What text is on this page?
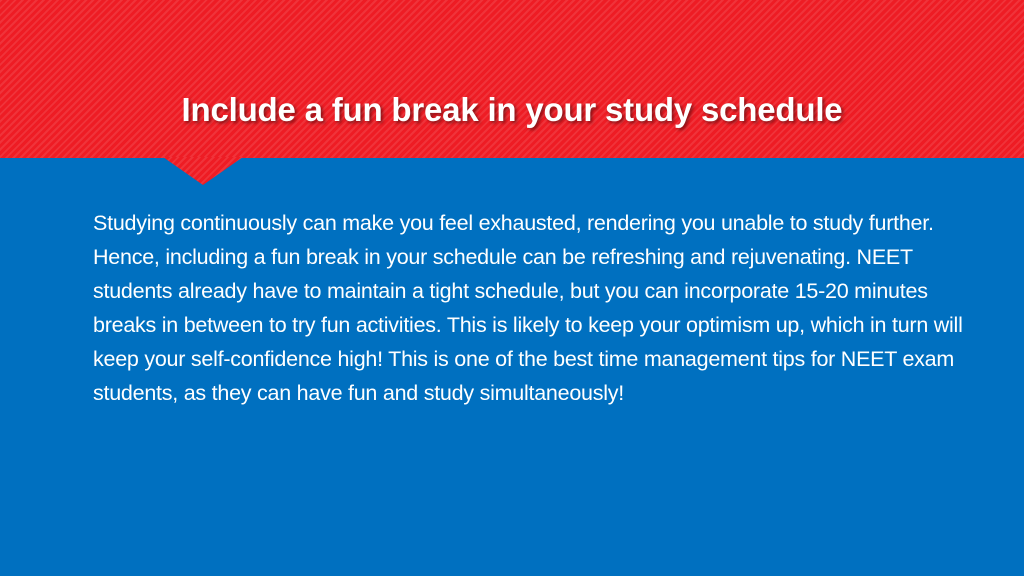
Include a fun break in your study schedule

Studying continuously can make you feel exhausted, rendering you unable to study further. Hence, including a fun break in your schedule can be refreshing and rejuvenating. NEET students already have to maintain a tight schedule, but you can incorporate 15-20 minutes breaks in between to try fun activities. This is likely to keep your optimism up, which in turn will keep your self-confidence high! This is one of the best time management tips for NEET exam students, as they can have fun and study simultaneously!
